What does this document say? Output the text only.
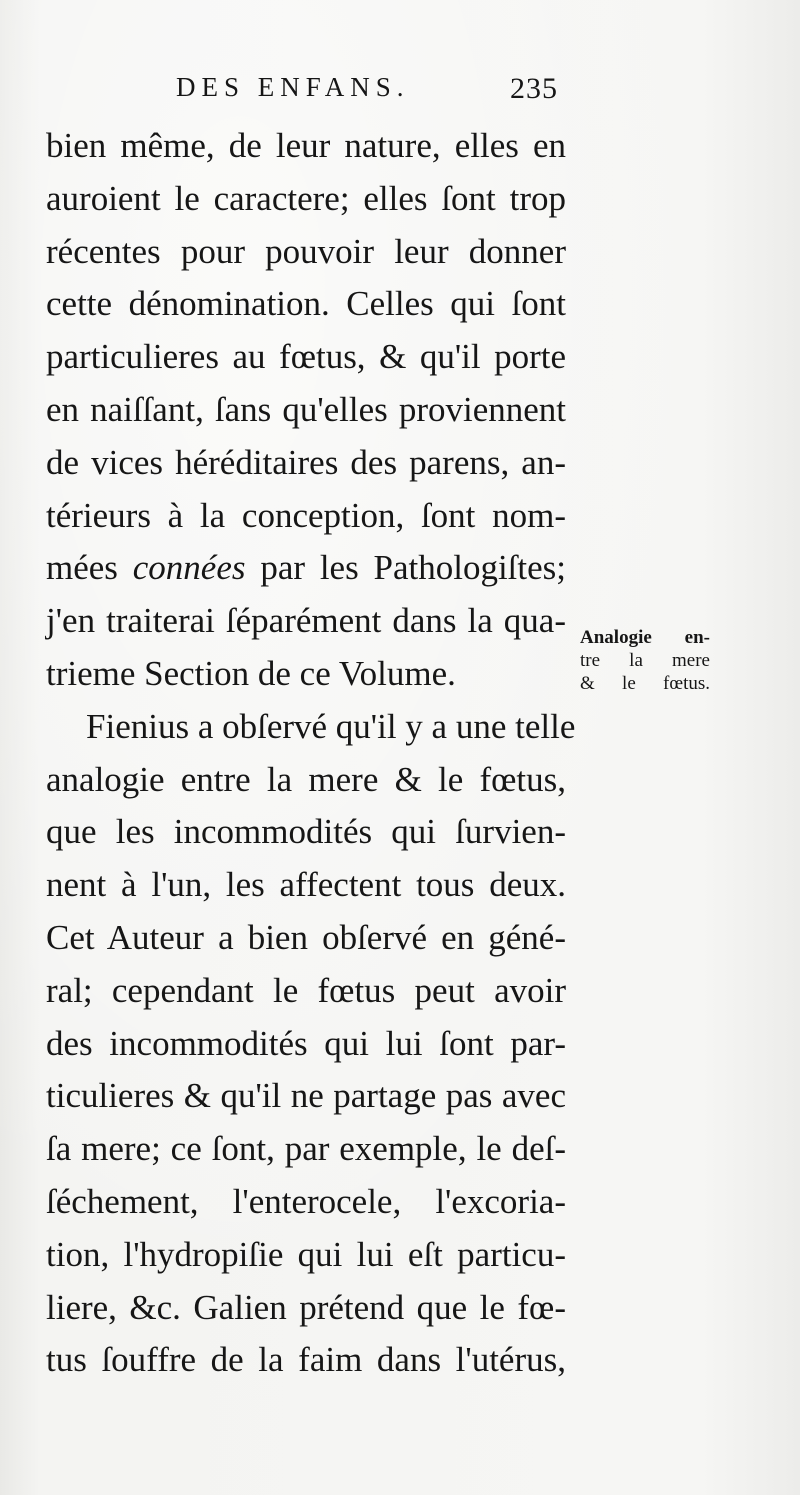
DES ENFANS.	235
bien même, de leur nature, elles en
auroient le caractere; elles ſont trop
récentes pour pouvoir leur donner
cette dénomination. Celles qui ſont
particulieres au fœtus, & qu'il porte
en naiſſant, ſans qu'elles proviennent
de vices héréditaires des parens, an-
térieurs à la conception, ſont nom-
mées connées par les Pathologiſtes;
j'en traiterai ſéparément dans la qua-
trieme Section de ce Volume.
Fienius a obſervé qu'il y a une telle
analogie entre la mere & le fœtus,
que les incommodités qui ſurvien-
nent à l'un, les affectent tous deux.
Cet Auteur a bien obſervé en géné-
ral; cependant le fœtus peut avoir
des incommodités qui lui ſont par-
ticulieres & qu'il ne partage pas avec
ſa mere; ce ſont, par exemple, le deſ-
ſéchement, l'enterocele, l'excoria-
tion, l'hydropiſie qui lui eſt particu-
liere, &c. Galien prétend que le fœ-
tus ſouffre de la faim dans l'utérus,
Analogie en-
tre la mere
& le fœtus.
